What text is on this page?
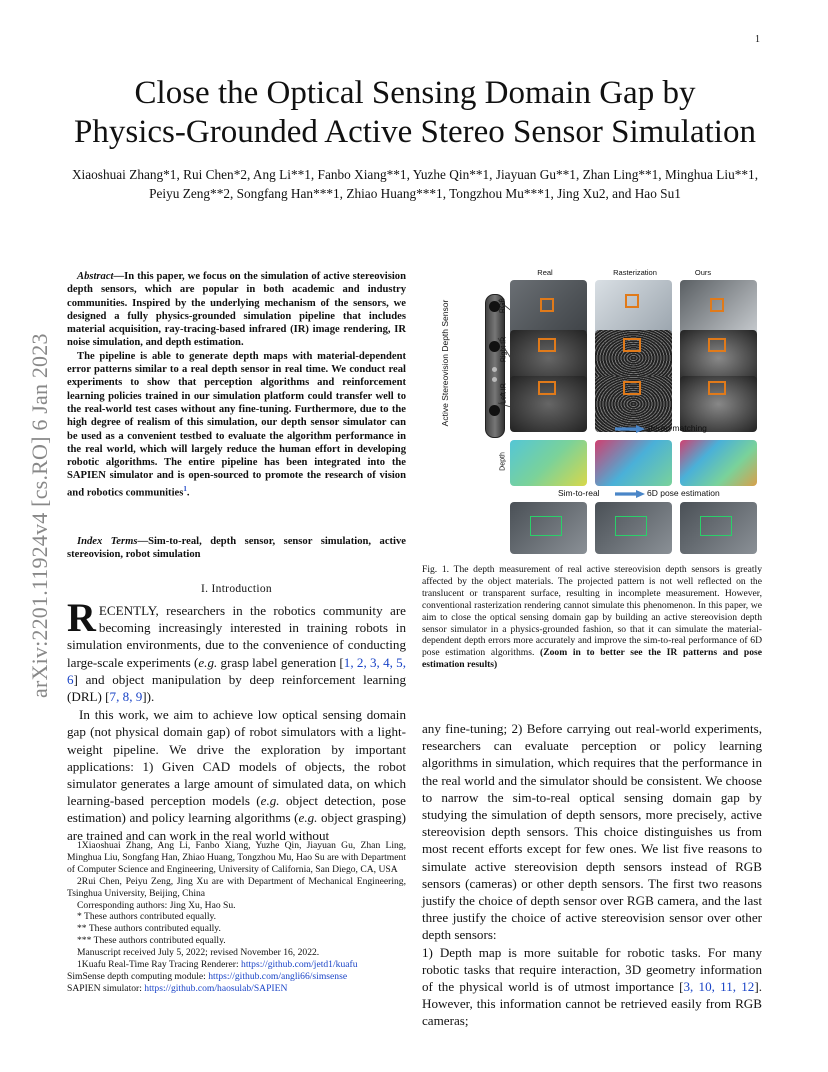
1
arXiv:2201.11924v4 [cs.RO] 6 Jan 2023
Close the Optical Sensing Domain Gap by
Physics-Grounded Active Stereo Sensor Simulation
Xiaoshuai Zhang*1, Rui Chen*2, Ang Li**1, Fanbo Xiang**1, Yuzhe Qin**1, Jiayuan Gu**1, Zhan Ling**1, Minghua Liu**1, Peiyu Zeng**2, Songfang Han***1, Zhiao Huang***1, Tongzhou Mu***1, Jing Xu2, and Hao Su1

Abstract—In this paper, we focus on the simulation of active stereovision depth sensors, which are popular in both academic and industry communities. Inspired by the underlying mechanism of the sensors, we designed a fully physics-grounded simulation pipeline that includes material acquisition, ray-tracing-based infrared (IR) image rendering, IR noise simulation, and depth estimation.

The pipeline is able to generate depth maps with material-dependent error patterns similar to a real depth sensor in real time. We conduct real experiments to show that perception algorithms and reinforcement learning policies trained in our simulation platform could transfer well to the real-world test cases without any fine-tuning. Furthermore, due to the high degree of realism of this simulation, our depth sensor simulator can be used as a convenient testbed to evaluate the algorithm performance in the real world, which will largely reduce the human effort in developing robotic algorithms. The entire pipeline has been integrated into the SAPIEN simulator and is open-sourced to promote the research of vision and robotics communities$^1$.

Index Terms—Sim-to-real, depth sensor, sensor simulation, active stereovision, robot simulation
I. Introduction

RECENTLY, researchers in the robotics community are becoming increasingly interested in training robots in simulation environments, due to the convenience of conducting large-scale experiments (e.g. grasp label generation [1, 2, 3, 4, 5, 6] and object manipulation by deep reinforcement learning (DRL) [7, 8, 9]).

In this work, we aim to achieve low optical sensing domain gap (not physical domain gap) of robot simulators with a light-weight pipeline. We drive the exploration by important applications: 1) Given CAD models of objects, the robot simulator generates a large amount of simulated data, on which learning-based perception models (e.g. object detection, pose estimation) and policy learning algorithms (e.g. object grasping) are trained and can work in the real world without

1Xiaoshuai Zhang, Ang Li, Fanbo Xiang, Yuzhe Qin, Jiayuan Gu, Zhan Ling, Minghua Liu, Songfang Han, Zhiao Huang, Tongzhou Mu, Hao Su are with Department of Computer Science and Engineering, University of California, San Diego, CA, USA

2Rui Chen, Peiyu Zeng, Jing Xu are with Department of Mechanical Engineering, Tsinghua University, Beijing, China

Corresponding authors: Jing Xu, Hao Su.

* These authors contributed equally.

** These authors contributed equally.

*** These authors contributed equally.

Manuscript received July 5, 2022; revised November 16, 2022.

1Kuafu Real-Time Ray Tracing Renderer: https://github.com/jetd1/kuafu

SimSense depth computing module: https://github.com/angli66/simsense

SAPIEN simulator: https://github.com/haosulab/SAPIEN

Real	Rasterization	Ours
Active Stereovision Depth Sensor	RGB
Right IR
Left IR
Depth
Stereo matching
Sim-to-real	6D pose estimation
Fig. 1. The depth measurement of real active stereovision depth sensors is greatly affected by the object materials. The projected pattern is not well reflected on the translucent or transparent surface, resulting in incomplete measurement. However, conventional rasterization rendering cannot simulate this phenomenon. In this paper, we aim to close the optical sensing domain gap by building an active stereovision depth sensor simulator in a physics-grounded fashion, so that it can simulate the material-dependent depth errors more accurately and improve the sim-to-real performance of 6D pose estimation algorithms. (Zoom in to better see the IR patterns and pose estimation results)

any fine-tuning; 2) Before carrying out real-world experiments, researchers can evaluate perception or policy learning algorithms in simulation, which requires that the performance in the real world and the simulator should be consistent. We choose to narrow the sim-to-real optical sensing domain gap by studying the simulation of depth sensors, more precisely, active stereovision depth sensors. This choice distinguishes us from most recent efforts except for few ones. We list five reasons to simulate active stereovision depth sensors instead of RGB sensors (cameras) or other depth sensors. The first two reasons justify the choice of depth sensor over RGB camera, and the last three justify the choice of active stereovision sensor over other depth sensors:

1) Depth map is more suitable for robotic tasks. For many robotic tasks that require interaction, 3D geometry information of the physical world is of utmost importance [3, 10, 11, 12]. However, this information cannot be retrieved easily from RGB cameras;
